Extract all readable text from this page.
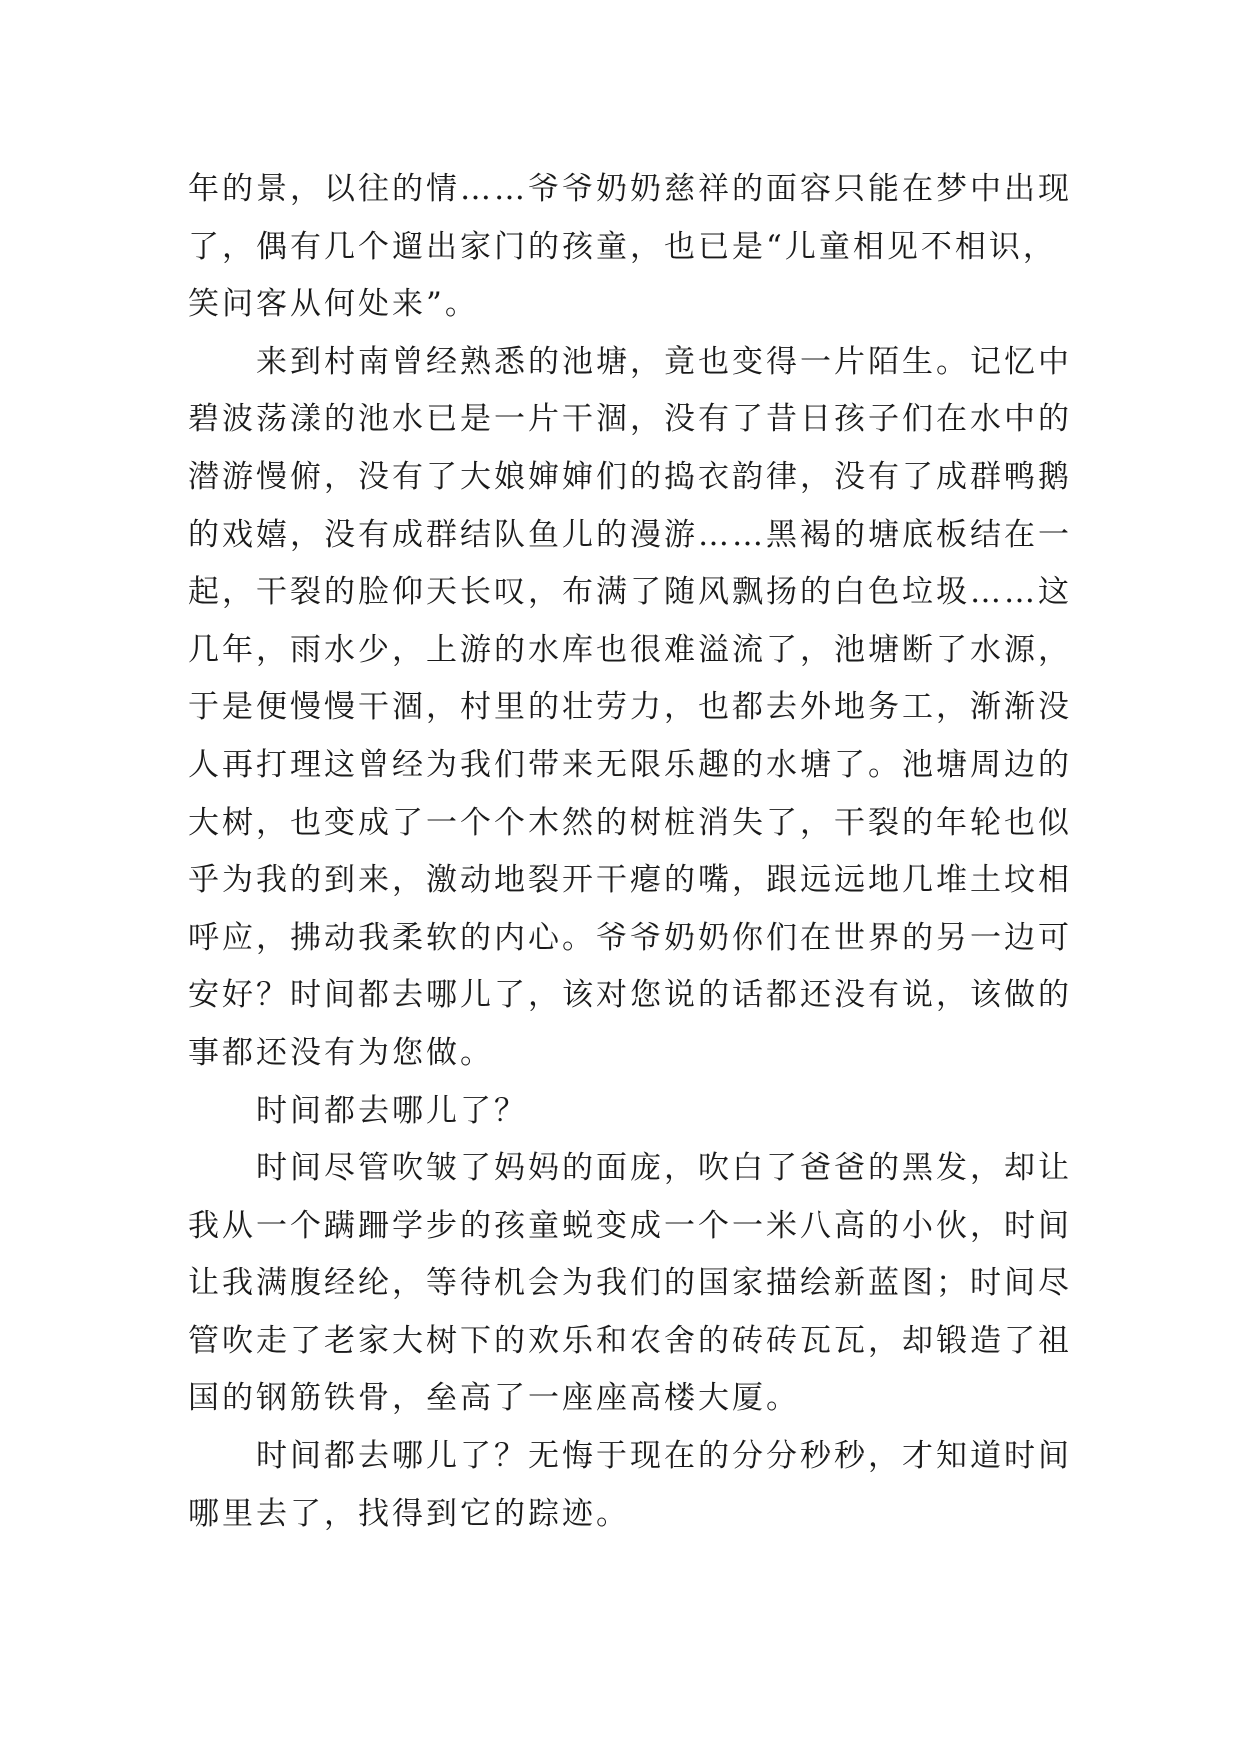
年的景，以往的情……爷爷奶奶慈祥的面容只能在梦中出现
了，偶有几个遛出家门的孩童，也已是“儿童相见不相识，
笑问客从何处来”。
来到村南曾经熟悉的池塘，竟也变得一片陌生。记忆中
碧波荡漾的池水已是一片干涸，没有了昔日孩子们在水中的
潜游慢俯，没有了大娘婶婶们的捣衣韵律，没有了成群鸭鹅
的戏嬉，没有成群结队鱼儿的漫游……黑褐的塘底板结在一
起，干裂的脸仰天长叹，布满了随风飘扬的白色垃圾……这
几年，雨水少，上游的水库也很难溢流了，池塘断了水源，
于是便慢慢干涸，村里的壮劳力，也都去外地务工，渐渐没
人再打理这曾经为我们带来无限乐趣的水塘了。池塘周边的
大树，也变成了一个个木然的树桩消失了，干裂的年轮也似
乎为我的到来，激动地裂开干瘪的嘴，跟远远地几堆土坟相
呼应，拂动我柔软的内心。爷爷奶奶你们在世界的另一边可
安好？时间都去哪儿了，该对您说的话都还没有说，该做的
事都还没有为您做。
时间都去哪儿了？
时间尽管吹皱了妈妈的面庞，吹白了爸爸的黑发，却让
我从一个蹒跚学步的孩童蜕变成一个一米八高的小伙，时间
让我满腹经纶，等待机会为我们的国家描绘新蓝图；时间尽
管吹走了老家大树下的欢乐和农舍的砖砖瓦瓦，却锻造了祖
国的钢筋铁骨，垒高了一座座高楼大厦。
时间都去哪儿了？无悔于现在的分分秒秒，才知道时间
哪里去了，找得到它的踪迹。
